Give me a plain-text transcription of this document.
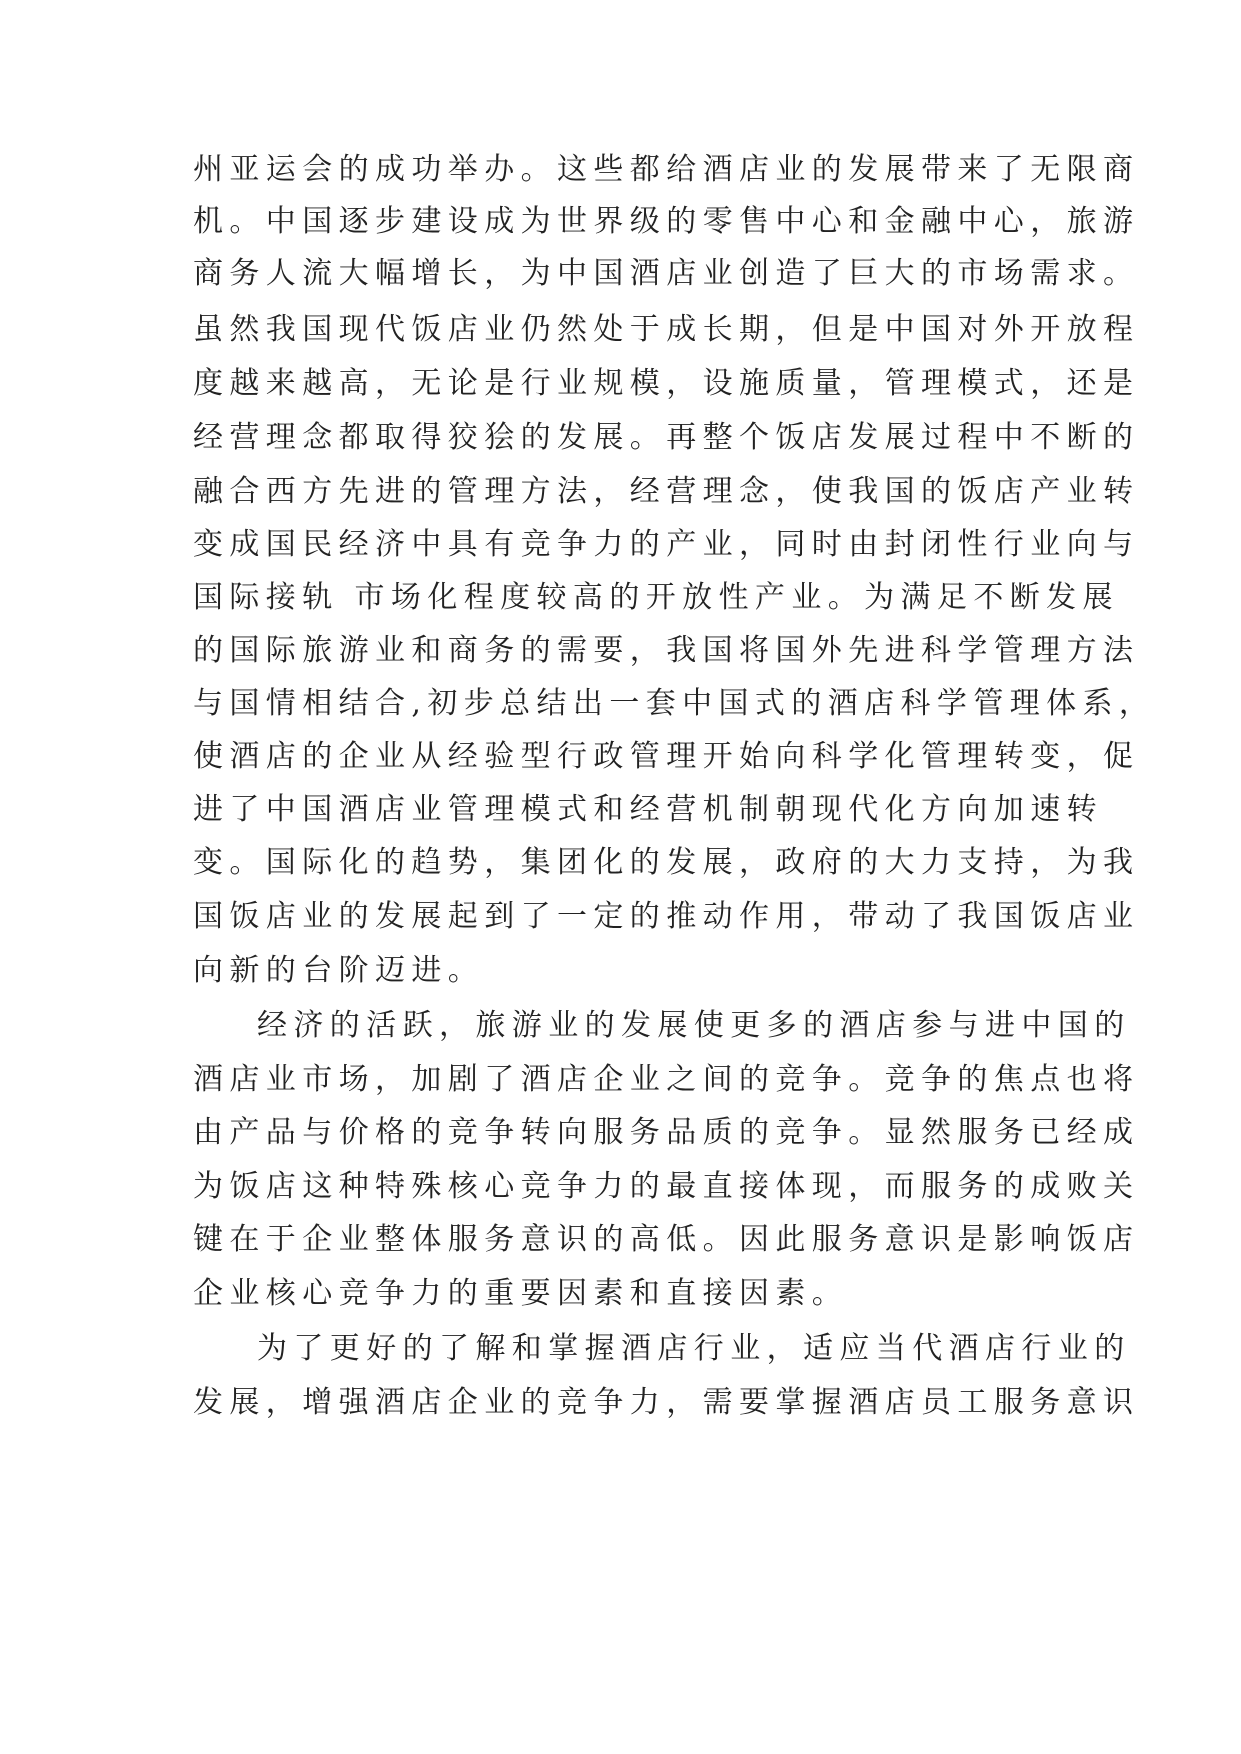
州亚运会的成功举办。这些都给酒店业的发展带来了无限商
机。中国逐步建设成为世界级的零售中心和金融中心，旅游
商务人流大幅增长，为中国酒店业创造了巨大的市场需求。
虽然我国现代饭店业仍然处于成长期，但是中国对外开放程
度越来越高，无论是行业规模，设施质量，管理模式，还是
经营理念都取得狡狯的发展。再整个饭店发展过程中不断的
融合西方先进的管理方法，经营理念，使我国的饭店产业转
变成国民经济中具有竞争力的产业，同时由封闭性行业向与
国际接轨 市场化程度较高的开放性产业。为满足不断发展
的国际旅游业和商务的需要，我国将国外先进科学管理方法
与国情相结合,初步总结出一套中国式的酒店科学管理体系，
使酒店的企业从经验型行政管理开始向科学化管理转变，促
进了中国酒店业管理模式和经营机制朝现代化方向加速转
变。国际化的趋势，集团化的发展，政府的大力支持，为我
国饭店业的发展起到了一定的推动作用，带动了我国饭店业
向新的台阶迈进。
经济的活跃，旅游业的发展使更多的酒店参与进中国的
酒店业市场，加剧了酒店企业之间的竞争。竞争的焦点也将
由产品与价格的竞争转向服务品质的竞争。显然服务已经成
为饭店这种特殊核心竞争力的最直接体现，而服务的成败关
键在于企业整体服务意识的高低。因此服务意识是影响饭店
企业核心竞争力的重要因素和直接因素。
为了更好的了解和掌握酒店行业，适应当代酒店行业的
发展，增强酒店企业的竞争力，需要掌握酒店员工服务意识
